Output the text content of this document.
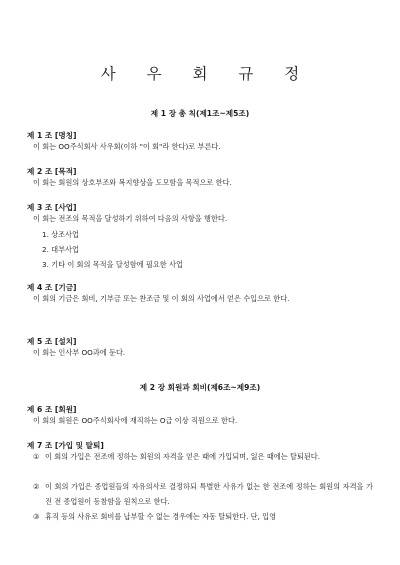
사 우 회 규 정
제 1 장 총 칙(제1조~제5조)
제 1 조 [명칭]
이 회는 OO주식회사 사우회(이하 "이 회"라 한다)로 부른다.
제 2 조 [목적]
이 회는 회원의 상호부조와 복지향상을 도모함을 목적으로 한다.
제 3 조 [사업]
이 회는 전조의 목적을 달성하기 위하여 다음의 사항을 행한다.
1. 상조사업
2. 대부사업
3. 기타 이 회의 목적을 달성함에 필요한 사업
제 4 조 [기금]
이 회의 기금은 회비, 기부금 또는 찬조금 및 이 회의 사업에서 얻은 수입으로 한다.
제 5 조 [설치]
이 회는 인사부 OO과에 둔다.
제 2 장 회원과 회비(제6조~제9조)
제 6 조 [회원]
이 회의 회원은 OO주식회사에 재직하는 O급 이상 직원으로 한다.
제 7 조 [가입 및 탈퇴]
① 이 회의 가입은 전조에 정하는 회원의 자격을 얻은 때에 가입되며, 잃은 때에는 탈퇴된다.
② 이 회의 가입은 종업원들의 자유의사로 결정하되 특별한 사유가 없는 한 전조에 정하는 회원의 자격을 가진 전 종업원이 동참함을 원칙으로 한다.
③ 휴직 등의 사유로 회비를 납부할 수 없는 경우에는 자동 탈퇴한다. 단, 입영
